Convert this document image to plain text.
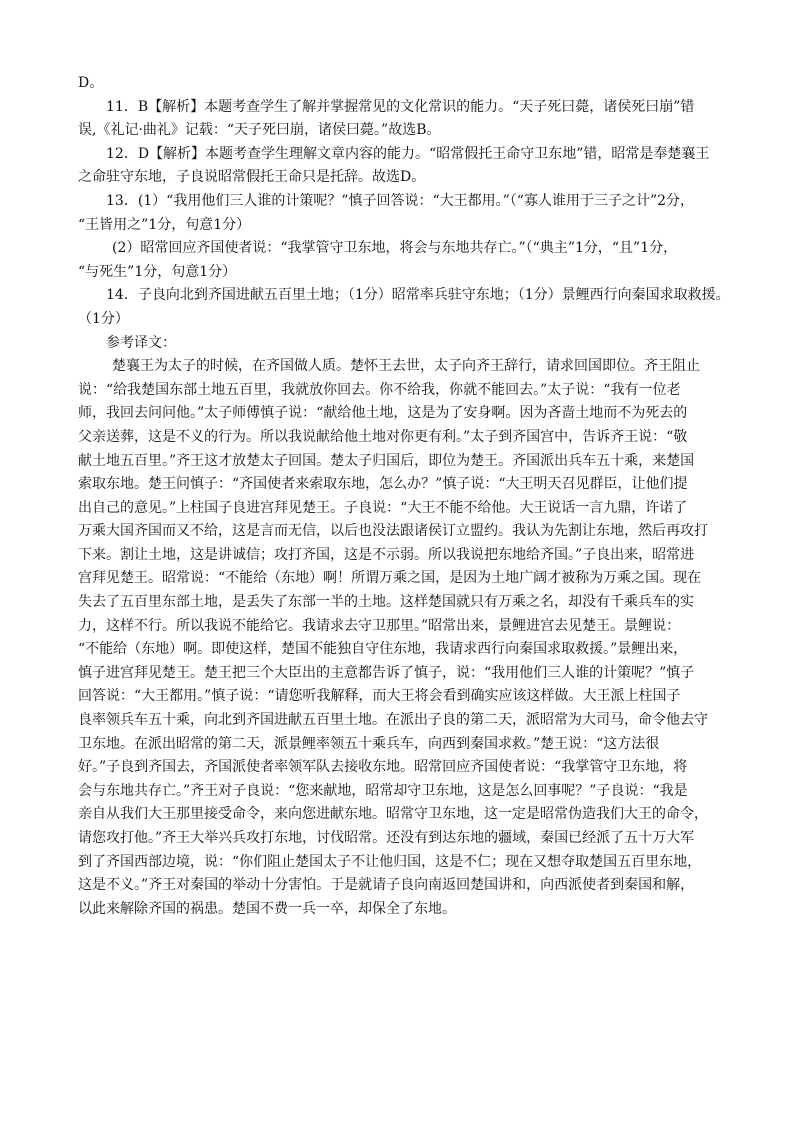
D。
11．B【解析】本题考查学生了解并掌握常见的文化常识的能力。“天子死曰薨，诸侯死曰崩”错
误,《礼记·曲礼》记载：“天子死曰崩，诸侯曰薨。”故选B。
12．D【解析】本题考查学生理解文章内容的能力。“昭常假托王命守卫东地”错，昭常是奉楚襄王
之命驻守东地，子良说昭常假托王命只是托辞。故选D。
13．(1）“我用他们三人谁的计策呢？”慎子回答说：“大王都用。”（“寡人谁用于三子之计”2分，
“王皆用之”1分，句意1分）
(2）昭常回应齐国使者说：“我掌管守卫东地，将会与东地共存亡。”（“典主”1分，“且”1分，
“与死生”1分，句意1分）
14．子良向北到齐国进献五百里土地；（1分）昭常率兵驻守东地；（1分）景鲤西行向秦国求取救援。
（1分）
参考译文：
楚襄王为太子的时候，在齐国做人质。楚怀王去世，太子向齐王辞行，请求回国即位。齐王阻止
说：“给我楚国东部土地五百里，我就放你回去。你不给我，你就不能回去。”太子说：“我有一位老
师，我回去问问他。”太子师傅慎子说：“献给他土地，这是为了安身啊。因为吝啬土地而不为死去的
父亲送葬，这是不义的行为。所以我说献给他土地对你更有利。”太子到齐国宫中，告诉齐王说：“敬
献土地五百里。”齐王这才放楚太子回国。楚太子归国后，即位为楚王。齐国派出兵车五十乘，来楚国
索取东地。楚王问慎子：“齐国使者来索取东地，怎么办？”慎子说：“大王明天召见群臣，让他们提
出自己的意见。”上柱国子良进宫拜见楚王。子良说：“大王不能不给他。大王说话一言九鼎，许诺了
万乘大国齐国而又不给，这是言而无信，以后也没法跟诸侯订立盟约。我认为先割让东地，然后再攻打
下来。割让土地，这是讲诚信；攻打齐国，这是不示弱。所以我说把东地给齐国。”子良出来，昭常进
宫拜见楚王。昭常说：“不能给（东地）啊！所谓万乘之国，是因为土地广阔才被称为万乘之国。现在
失去了五百里东部土地，是丢失了东部一半的土地。这样楚国就只有万乘之名，却没有千乘兵车的实
力，这样不行。所以我说不能给它。我请求去守卫那里。”昭常出来，景鲤进宫去见楚王。景鲤说：
“不能给（东地）啊。即使这样，楚国不能独自守住东地，我请求西行向秦国求取救援。”景鲤出来，
慎子进宫拜见楚王。楚王把三个大臣出的主意都告诉了慎子，说：“我用他们三人谁的计策呢？”慎子
回答说：“大王都用。”慎子说：“请您听我解释，而大王将会看到确实应该这样做。大王派上柱国子
良率领兵车五十乘，向北到齐国进献五百里土地。在派出子良的第二天，派昭常为大司马，命令他去守
卫东地。在派出昭常的第二天，派景鲤率领五十乘兵车，向西到秦国求救。”楚王说：“这方法很
好。”子良到齐国去，齐国派使者率领军队去接收东地。昭常回应齐国使者说：“我掌管守卫东地，将
会与东地共存亡。”齐王对子良说：“您来献地，昭常却守卫东地，这是怎么回事呢？”子良说：“我是
亲自从我们大王那里接受命令，来向您进献东地。昭常守卫东地，这一定是昭常伪造我们大王的命令，
请您攻打他。”齐王大举兴兵攻打东地，讨伐昭常。还没有到达东地的疆域，秦国已经派了五十万大军
到了齐国西部边境，说：“你们阻止楚国太子不让他归国，这是不仁；现在又想夺取楚国五百里东地，
这是不义。”齐王对秦国的举动十分害怕。于是就请子良向南返回楚国讲和，向西派使者到秦国和解，
以此来解除齐国的祸患。楚国不费一兵一卒，却保全了东地。
